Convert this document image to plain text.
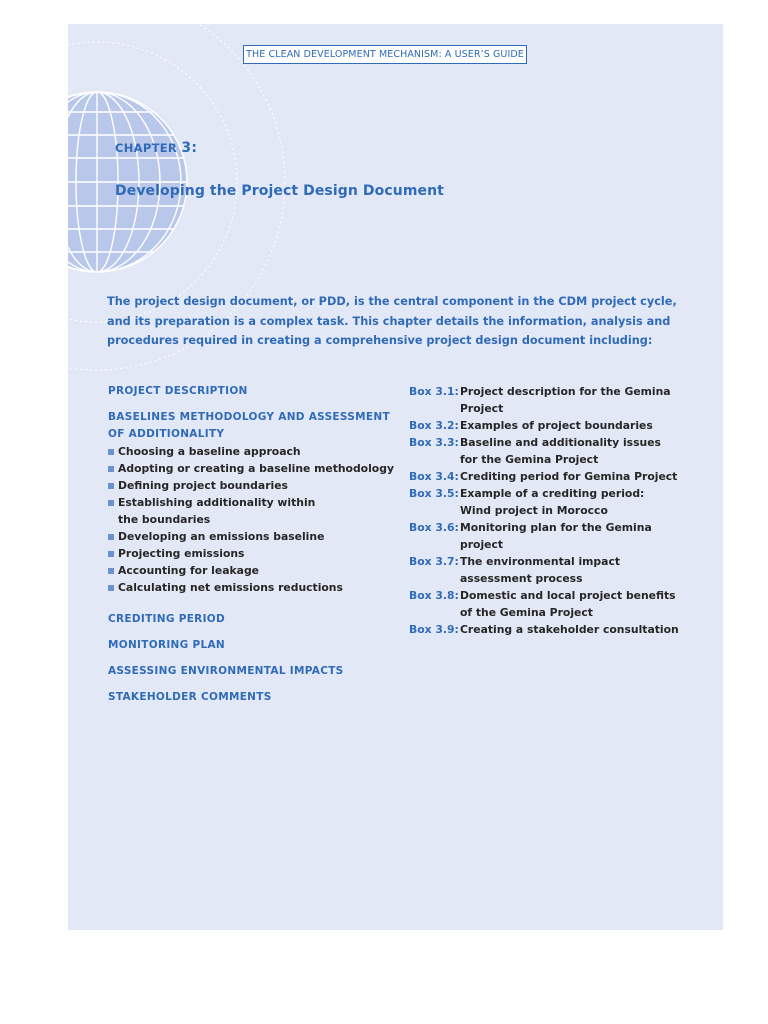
THE CLEAN DEVELOPMENT MECHANISM: A USER’S GUIDE
CHAPTER 3:
Developing the Project Design Document
The project design document, or PDD, is the central component in the CDM project cycle, and its preparation is a complex task. This chapter details the information, analysis and procedures required in creating a comprehensive project design document including:
PROJECT DESCRIPTION
BASELINES METHODOLOGY AND ASSESSMENT
OF ADDITIONALITY
Choosing a baseline approach
Adopting or creating a baseline methodology
Defining project boundaries
Establishing additionality within
the boundaries
Developing an emissions baseline
Projecting emissions
Accounting for leakage
Calculating net emissions reductions
CREDITING PERIOD
MONITORING PLAN
ASSESSING ENVIRONMENTAL IMPACTS
STAKEHOLDER COMMENTS
Box 3.1: Project description for the Gemina
Project
Box 3.2: Examples of project boundaries
Box 3.3: Baseline and additionality issues
for the Gemina Project
Box 3.4: Crediting period for Gemina Project
Box 3.5: Example of a crediting period:
Wind project in Morocco
Box 3.6: Monitoring plan for the Gemina
project
Box 3.7: The environmental impact
assessment process
Box 3.8: Domestic and local project benefits
of the Gemina Project
Box 3.9: Creating a stakeholder consultation
